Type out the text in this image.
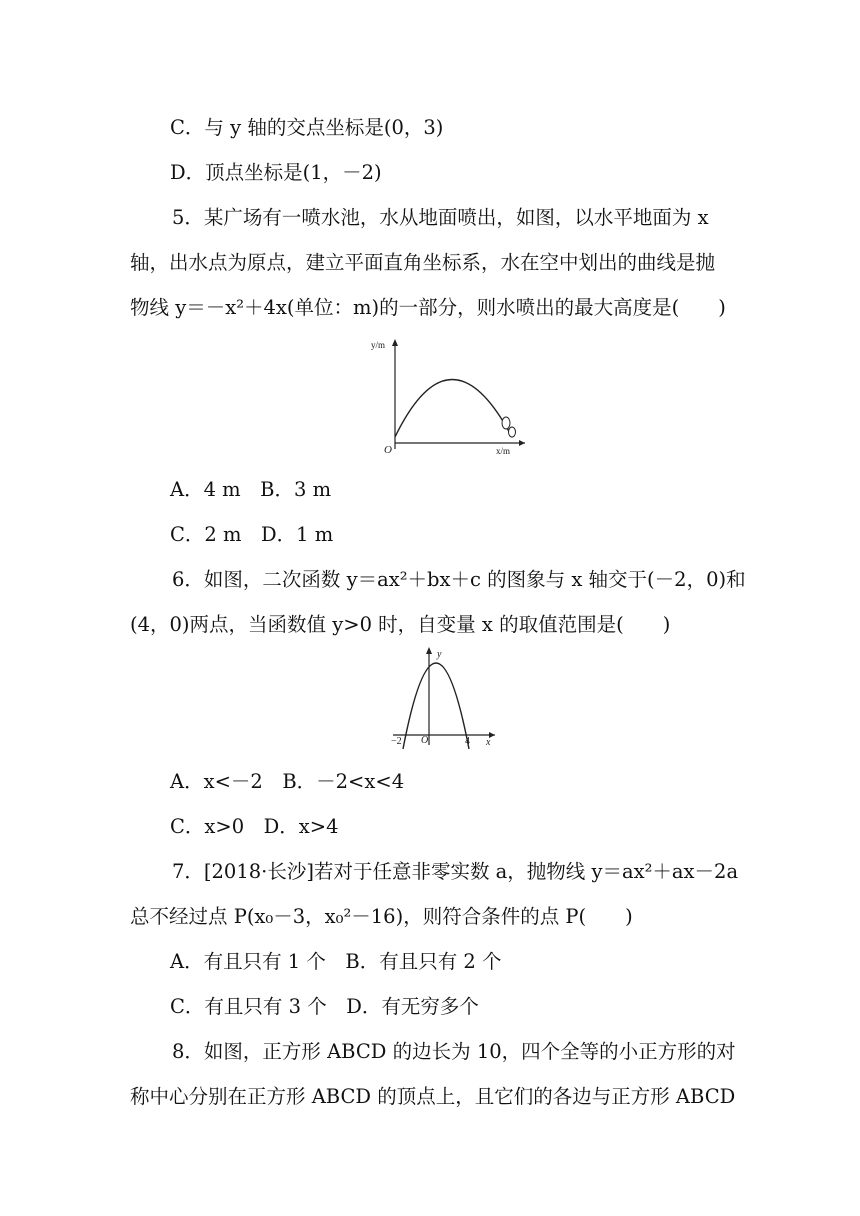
C．与 y 轴的交点坐标是(0，3)
D．顶点坐标是(1，－2)
5．某广场有一喷水池，水从地面喷出，如图，以水平地面为 x
轴，出水点为原点，建立平面直角坐标系，水在空中划出的曲线是抛
物线 y＝－x²＋4x(单位：m)的一部分，则水喷出的最大高度是(　　)
y/m
x/m
O
A．4 m　B．3 m
C．2 m　D．1 m
6．如图，二次函数 y＝ax²＋bx＋c 的图象与 x 轴交于(－2，0)和
(4，0)两点，当函数值 y>0 时，自变量 x 的取值范围是(　　)
y
x
O
−2	4
A．x<－2　B．－2<x<4
C．x>0　D．x>4
7．[2018·长沙]若对于任意非零实数 a，抛物线 y＝ax²＋ax－2a
总不经过点 P(x₀－3，x₀²－16)，则符合条件的点 P(　　)
A．有且只有 1 个　B．有且只有 2 个
C．有且只有 3 个　D．有无穷多个
8．如图，正方形 ABCD 的边长为 10，四个全等的小正方形的对
称中心分别在正方形 ABCD 的顶点上，且它们的各边与正方形 ABCD
